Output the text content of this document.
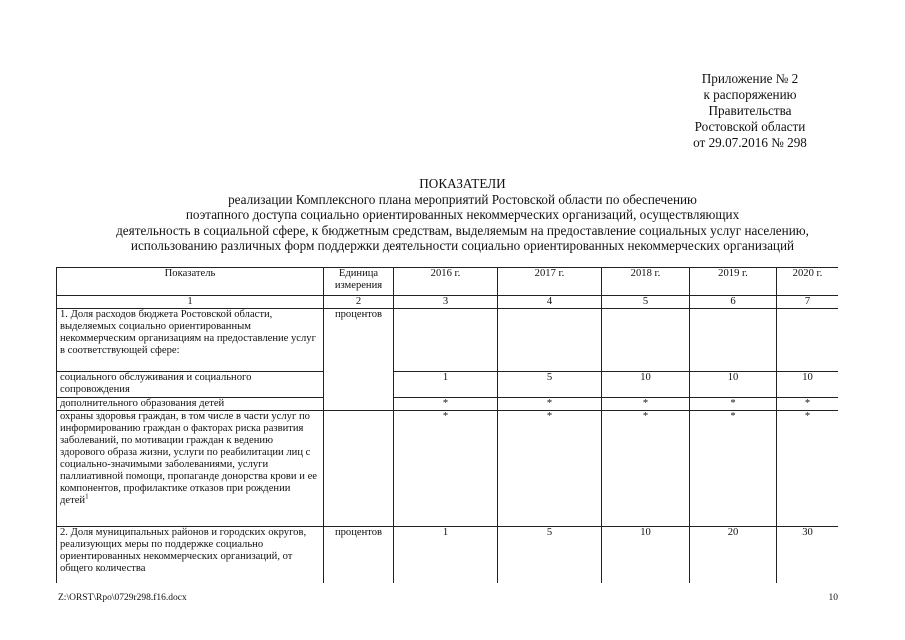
Приложение № 2
к распоряжению
Правительства
Ростовской области
от 29.07.2016 № 298
ПОКАЗАТЕЛИ
реализации Комплексного плана мероприятий Ростовской области по обеспечению
поэтапного доступа социально ориентированных некоммерческих организаций, осуществляющих
деятельность в социальной сфере, к бюджетным средствам, выделяемым на предоставление социальных услуг населению,
использованию различных форм поддержки деятельности социально ориентированных некоммерческих организаций
Показатель	Единица измерения	2016 г.	2017 г.	2018 г.	2019 г.	2020 г.
1	2	3	4	5	6	7
1. Доля расходов бюджета Ростовской области, выделяемых социально ориентированным некоммерческим организациям на предоставление услуг в соответствующей сфере:	процентов					
социального обслуживания и социального сопровождения		1	5	10	10	10
дополнительного образования детей		*	*	*	*	*
охраны здоровья граждан, в том числе в части услуг по информированию граждан о факторах риска развития заболеваний, по мотивации граждан к ведению здорового образа жизни, услуги по реабилитации лиц с социально-значимыми заболеваниями, услуги паллиативной помощи, пропаганде донорства крови и ее компонентов, профилактике отказов при рождении детей$^1$		*	*	*	*	*
2. Доля муниципальных районов и городских округов, реализующих меры по поддержке социально ориентированных некоммерческих организаций, от общего количества	процентов	1	5	10	20	30
Z:\ORST\Rpo\0729r298.f16.docx	10
